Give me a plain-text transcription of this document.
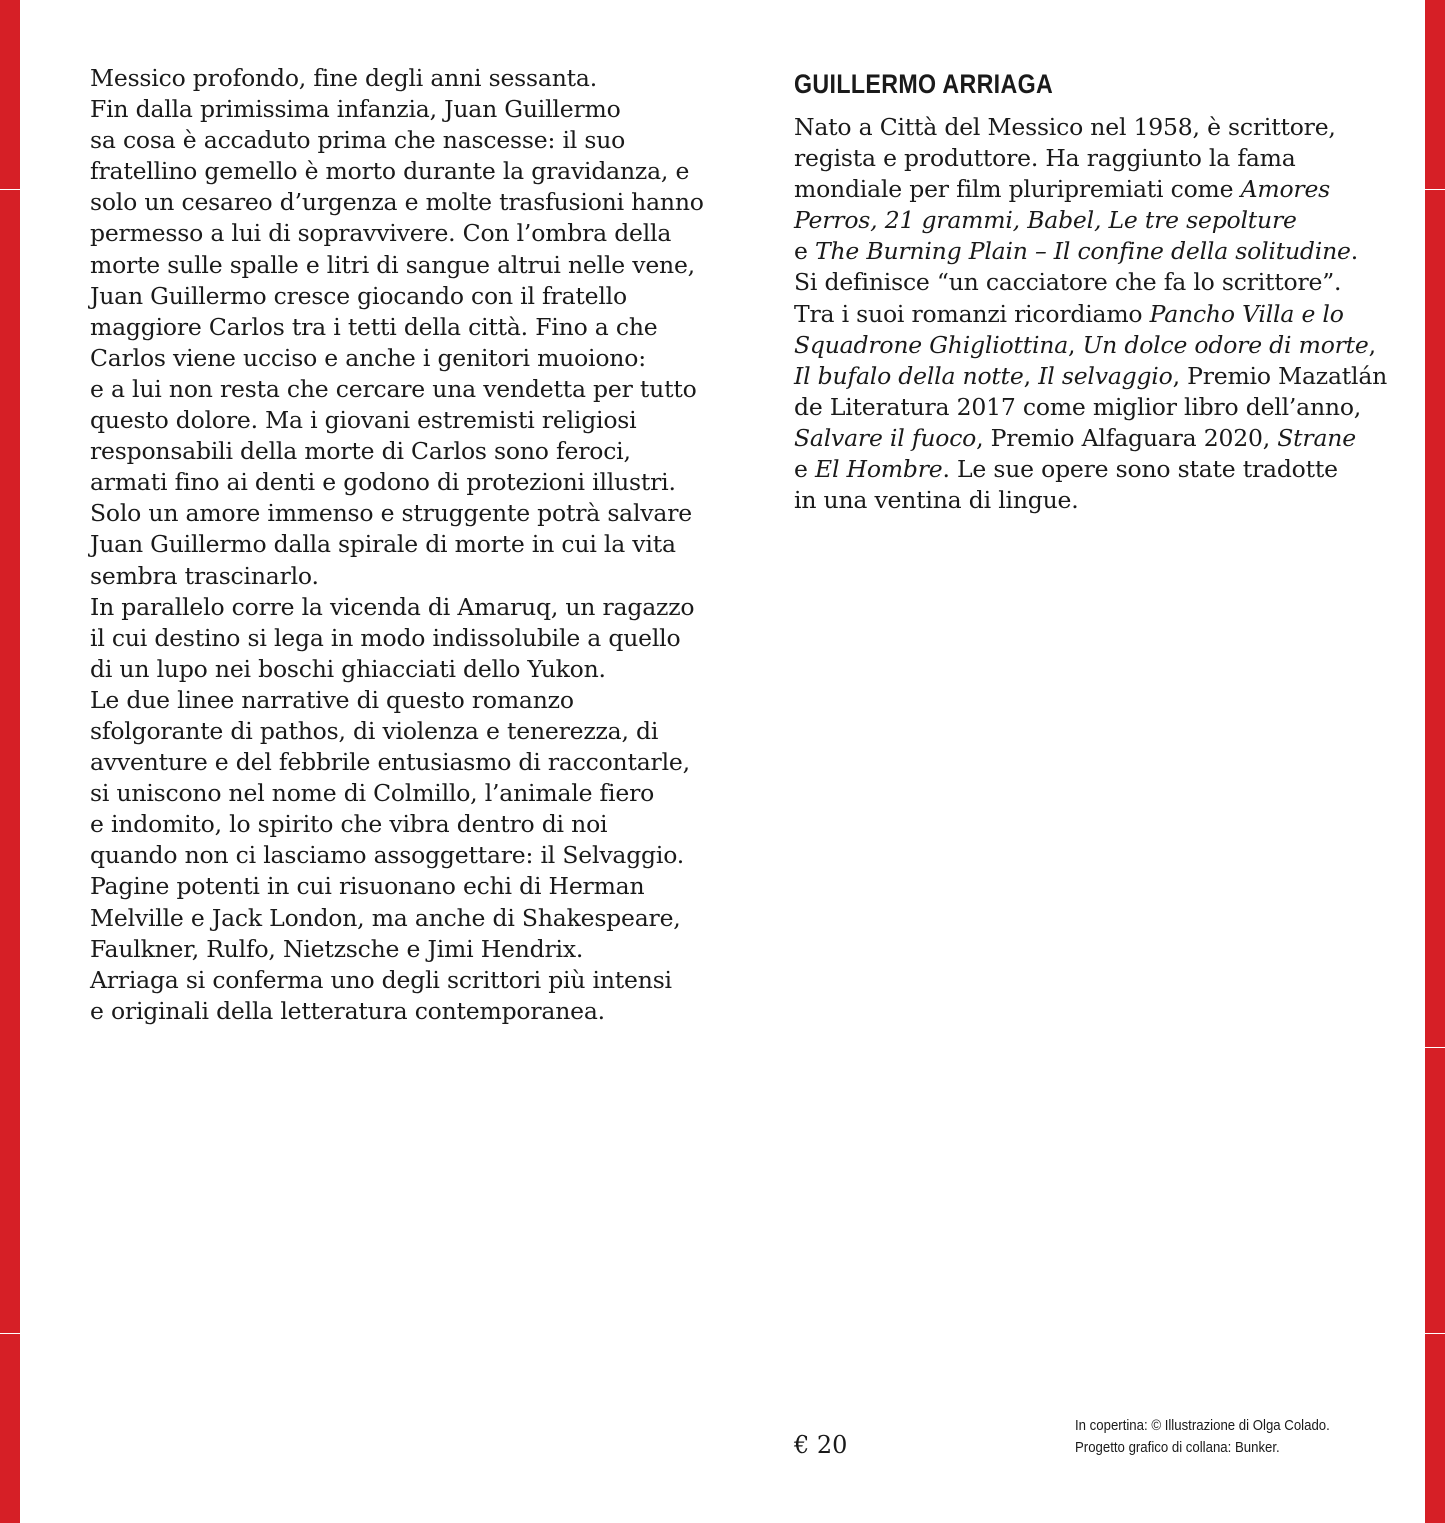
Messico profondo, fine degli anni sessanta.
Fin dalla primissima infanzia, Juan Guillermo
sa cosa è accaduto prima che nascesse: il suo
fratellino gemello è morto durante la gravidanza, e
solo un cesareo d’urgenza e molte trasfusioni hanno
permesso a lui di sopravvivere. Con l’ombra della
morte sulle spalle e litri di sangue altrui nelle vene,
Juan Guillermo cresce giocando con il fratello
maggiore Carlos tra i tetti della città. Fino a che
Carlos viene ucciso e anche i genitori muoiono:
e a lui non resta che cercare una vendetta per tutto
questo dolore. Ma i giovani estremisti religiosi
responsabili della morte di Carlos sono feroci,
armati fino ai denti e godono di protezioni illustri.
Solo un amore immenso e struggente potrà salvare
Juan Guillermo dalla spirale di morte in cui la vita
sembra trascinarlo.
In parallelo corre la vicenda di Amaruq, un ragazzo
il cui destino si lega in modo indissolubile a quello
di un lupo nei boschi ghiacciati dello Yukon.
Le due linee narrative di questo romanzo
sfolgorante di pathos, di violenza e tenerezza, di
avventure e del febbrile entusiasmo di raccontarle,
si uniscono nel nome di Colmillo, l’animale fiero
e indomito, lo spirito che vibra dentro di noi
quando non ci lasciamo assoggettare: il Selvaggio.
Pagine potenti in cui risuonano echi di Herman
Melville e Jack London, ma anche di Shakespeare,
Faulkner, Rulfo, Nietzsche e Jimi Hendrix.
Arriaga si conferma uno degli scrittori più intensi
e originali della letteratura contemporanea.
GUILLERMO ARRIAGA
Nato a Città del Messico nel 1958, è scrittore,
regista e produttore. Ha raggiunto la fama
mondiale per film pluripremiati come Amores
Perros, 21 grammi, Babel, Le tre sepolture
e The Burning Plain – Il confine della solitudine.
Si definisce “un cacciatore che fa lo scrittore”.
Tra i suoi romanzi ricordiamo Pancho Villa e lo
Squadrone Ghigliottina, Un dolce odore di morte,
Il bufalo della notte, Il selvaggio, Premio Mazatlán
de Literatura 2017 come miglior libro dell’anno,
Salvare il fuoco, Premio Alfaguara 2020, Strane
e El Hombre. Le sue opere sono state tradotte
in una ventina di lingue.
€ 20
In copertina: © Illustrazione di Olga Colado.
Progetto grafico di collana: Bunker.
